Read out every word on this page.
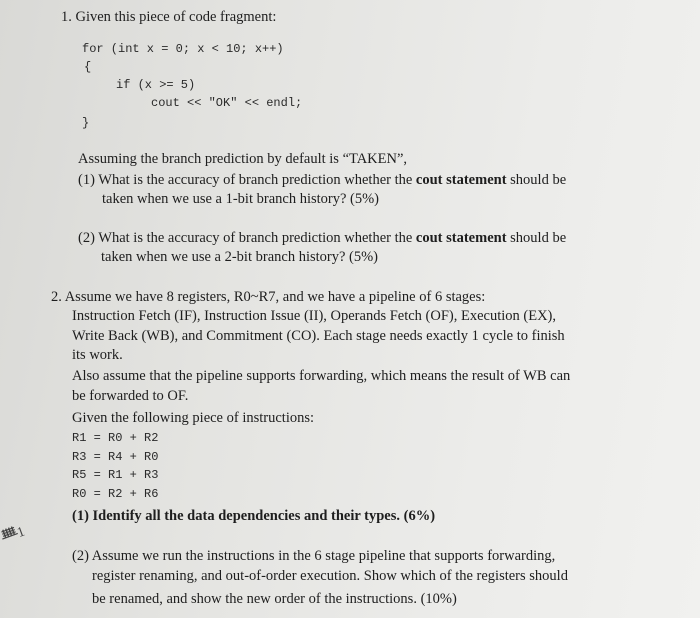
1. Given this piece of code fragment:
for (int x = 0; x < 10; x++)
{
if (x >= 5)
cout << "OK" << endl;
}
Assuming the branch prediction by default is “TAKEN”,
(1) What is the accuracy of branch prediction whether the cout statement should be
taken when we use a 1-bit branch history? (5%)
(2) What is the accuracy of branch prediction whether the cout statement should be
taken when we use a 2-bit branch history? (5%)
2. Assume we have 8 registers, R0~R7, and we have a pipeline of 6 stages:
Instruction Fetch (IF), Instruction Issue (II), Operands Fetch (OF), Execution (EX),
Write Back (WB), and Commitment (CO). Each stage needs exactly 1 cycle to finish
its work.
Also assume that the pipeline supports forwarding, which means the result of WB can
be forwarded to OF.
Given the following piece of instructions:
R1 = R0 + R2
R3 = R4 + R0
R5 = R1 + R3
R0 = R2 + R6
(1) Identify all the data dependencies and their types. (6%)
ᚙ1
(2) Assume we run the instructions in the 6 stage pipeline that supports forwarding,
register renaming, and out-of-order execution. Show which of the registers should
be renamed, and show the new order of the instructions. (10%)
